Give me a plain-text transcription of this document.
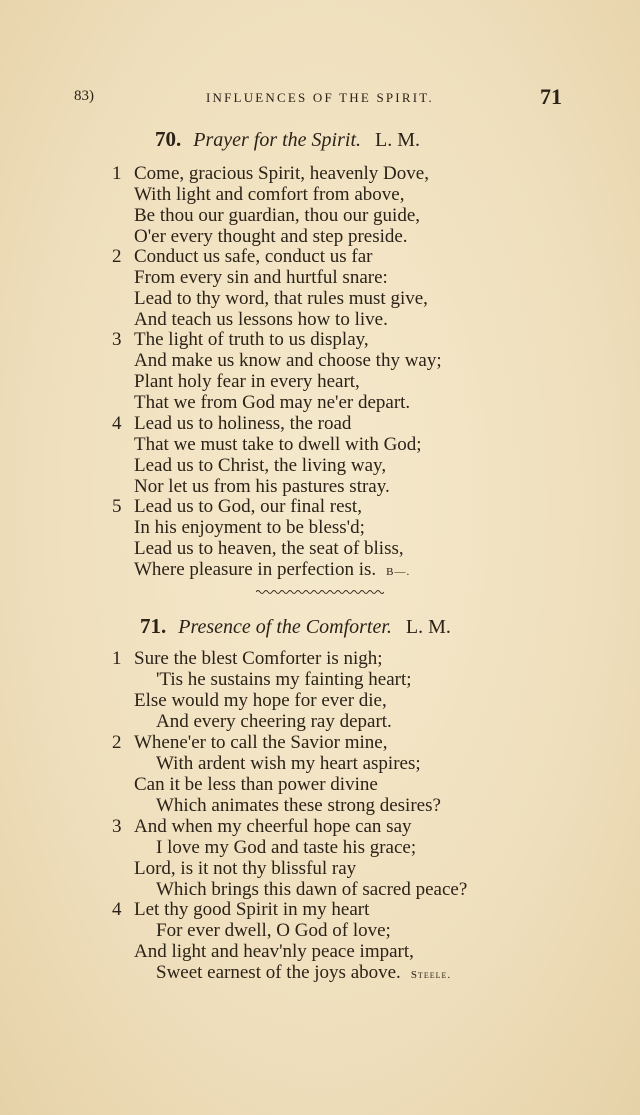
83)	INFLUENCES OF THE SPIRIT.	71
70. Prayer for the Spirit. L. M.
1 Come, gracious Spirit, heavenly Dove,
With light and comfort from above,
Be thou our guardian, thou our guide,
O'er every thought and step preside.
2 Conduct us safe, conduct us far
From every sin and hurtful snare:
Lead to thy word, that rules must give,
And teach us lessons how to live.
3 The light of truth to us display,
And make us know and choose thy way;
Plant holy fear in every heart,
That we from God may ne'er depart.
4 Lead us to holiness, the road
That we must take to dwell with God;
Lead us to Christ, the living way,
Nor let us from his pastures stray.
5 Lead us to God, our final rest,
In his enjoyment to be bless'd;
Lead us to heaven, the seat of bliss,
Where pleasure in perfection is. B—.
71. Presence of the Comforter. L. M.
1 Sure the blest Comforter is nigh;
'Tis he sustains my fainting heart;
Else would my hope for ever die,
And every cheering ray depart.
2 Whene'er to call the Savior mine,
With ardent wish my heart aspires;
Can it be less than power divine
Which animates these strong desires?
3 And when my cheerful hope can say
I love my God and taste his grace;
Lord, is it not thy blissful ray
Which brings this dawn of sacred peace?
4 Let thy good Spirit in my heart
For ever dwell, O God of love;
And light and heav'nly peace impart,
Sweet earnest of the joys above. Steele.
